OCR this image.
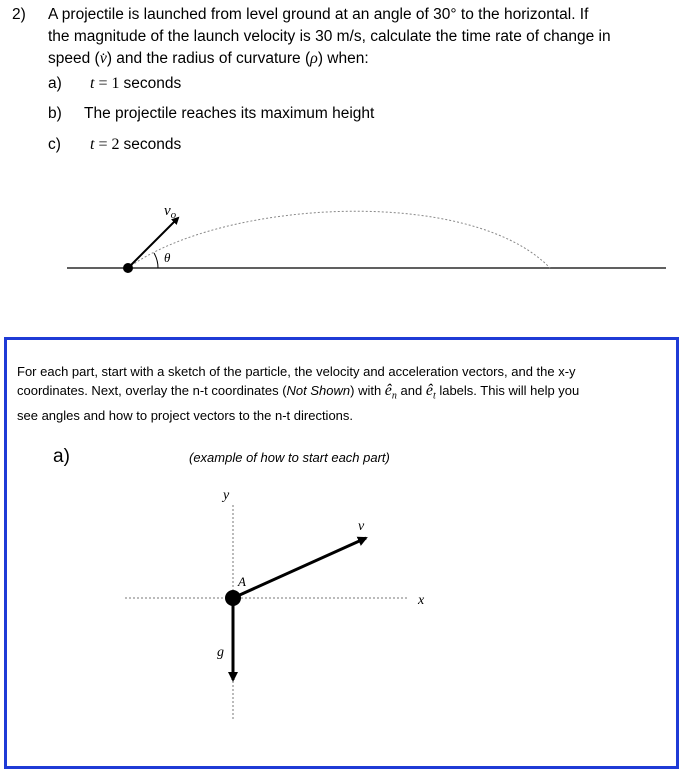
2)	A projectile is launched from level ground at an angle of 30° to the horizontal. If
the magnitude of the launch velocity is 30 m/s, calculate the time rate of change in
speed (v̇) and the radius of curvature (ρ) when:
a)	t = 1 seconds
b)	The projectile reaches its maximum height
c)	t = 2 seconds
$v_o$
θ
For each part, start with a sketch of the particle, the velocity and acceleration vectors, and the x-y
coordinates. Next, overlay the n-t coordinates (Not Shown) with $ê_n$ and $ê_t$ labels. This will help you
see angles and how to project vectors to the n-t directions.
a)	(example of how to start each part)
y
x
v
g
A
